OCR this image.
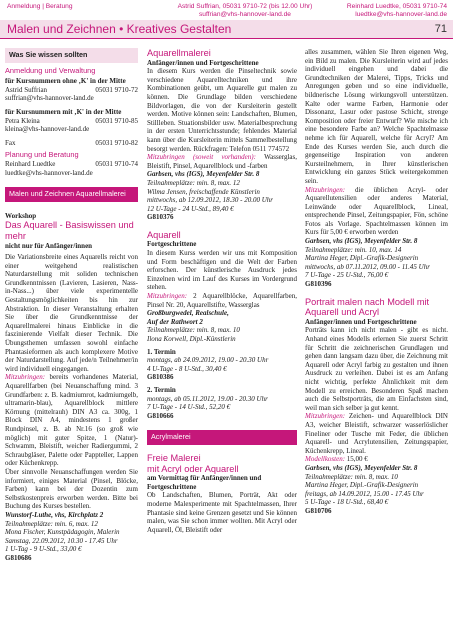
Anmeldung | Beratung	Astrid Suffrian, 05031 9710-72 (bis 12.00 Uhr)
suffrian@vhs-hannover-land.de
Reinhard Luedtke, 05031 9710-74
luedtke@vhs-hannover-land.de
Malen und Zeichnen • Kreatives Gestalten	71
Was Sie wissen sollten
Anmeldung und Verwaltung
für Kursnummern ohne ‚K' in der Mitte
Astrid Suffrian	05031 9710-72
suffrian@vhs-hannover-land.de
für Kursnummern mit ‚K' in der Mitte
Petra Kleina	05031 9710-85
kleina@vhs-hannover-land.de
Fax	05031 9710-82
Planung und Beratung
Reinhard Luedtke	05031 9710-74
luedtke@vhs-hannover-land.de
Malen und Zeichnen Aquarellmalerei
Workshop
Das Aquarell - Basiswissen und mehr
nicht nur für Anfänger/innen

Die Variationsbreite eines Aquarells reicht von einer weitgehend realistischen Naturdarstellung mit soliden technischen Grundkenntnissen (Lavieren, Lasieren, Nass-in-Nass...) über viele experimentelle Gestaltungsmöglichkeiten bis hin zur Abstraktion. In dieser Veranstaltung erhalten Sie über die Grundkenntnisse der Aquarellmalerei hinaus Einblicke in die faszinierende Vielfalt dieser Technik. Die Übungsthemen umfassen sowohl einfache Phantasieformen als auch komplexere Motive der Naturdarstellung. Auf jede/n Teilnehmer/in wird individuell eingegangen.

Mitzubringen: bereits vorhandenes Material, Aquarellfarben (bei Neuanschaffung mind. 3 Grundfarben: z. B. kadmiumrot, kadmiumgelb, ultramarin-blau), Aquarellblock mittlere Körnung (mittelrauh) DIN A3 ca. 300g, 1 Block DIN A4, mindestens 1 großer Rundpinsel, z. B. ab Nr.16 (so groß wie möglich) mit guter Spitze, 1 (Natur)-Schwamm, Bleistift, weicher Radiergummi, 2 Schraubgläser, Palette oder Pappteller, Lappen oder Küchenkrepp.

Über sinnvolle Neuanschaffungen werden Sie informiert, einiges Material (Pinsel, Blöcke, Farben) kann bei der Dozentin zum Selbstkostenpreis erworben werden. Bitte bei Buchung des Kurses bestellen.

Wunstorf-Luthe, vhs, Kirchplatz 2
Teilnahmeplätze: min. 6, max. 12
Mona Fischer, Kunstpädagogin, Malerin
Samstag, 22.09.2012, 10.30 - 17.45 Uhr
1 U-Tag - 9 U-Std., 33,00 €
G810686
Aquarellmalerei
Anfänger/innen und Fortgeschrittene

In diesem Kurs werden die Pinseltechnik sowie verschiedene Aquarelltechniken und ihre Kombinationen geübt, um Aquarelle gut malen zu können. Die Grundlage bilden verschiedene Bildvorlagen, die von der Kursleiterin gestellt werden. Motive können sein: Landschaften, Blumen, Stillleben. Stuationsbilder usw. Materialbesprechung in der ersten Unterrichtsstunde; fehlendes Material kann über die Kursleiterin mittels Sammelbestellung besorgt werden. Rückfragen: Telefon 0511 774572

Mitzubringen (soweit vorhanden): Wasserglas, Bleistift, Pinsel, Aquarellblock und -farben

Garbsen, vhs (IGS), Meyenfelder Str. 8
Teilnahmeplätze: min. 8, max. 12
Wilma Jensen, freischaffende Künstlerin
mittwochs, ab 12.09.2012, 18.30 - 20.00 Uhr
12 U-Tage - 24 U-Std., 89,40 €
G810376
Aquarell
Fortgeschrittene

In diesem Kurss werden wir uns mit Komposition und Form beschäftigen und die Welt der Farben erforschen. Der künstlerische Ausdruck jedes Einzelnen wird im Lauf des Kurses im Vordergrund stehen.

Mitzubringen: 2 Aquarellblöcke, Aquarellfarben, Pinsel Nr. 20, Aquarellstifte, Wasserglas

Großburgwedel, Realschule,
Auf der Rathwort 2
Teilnahmeplätze: min. 8, max. 10
Ilona Korwell, Dipl.-Künstlerin
1. Termin
montags, ab 24.09.2012, 19.00 - 20.30 Uhr
4 U-Tage - 8 U-Std., 30,40 €
G810386
2. Termin
montags, ab 05.11.2012, 19.00 - 20.30 Uhr
7 U-Tage - 14 U-Std., 52,20 €
G810666
Acrylmalerei
Freie Malerei
mit Acryl oder Aquarell
am Vormittag für Anfänger/innen und Fortgeschrittene

Ob Landschaften, Blumen, Porträt, Akt oder moderne Malexperimente mit Spachtelmassen, Ihrer Phantasie sind keine Grenzen gesetzt und Sie können malen, was Sie schon immer wollten. Mit Acryl oder Aquarell, Öl, Bleistift oder

alles zusammen, wählen Sie Ihren eigenen Weg, ein Bild zu malen. Die Kursleiterin wird auf jedes individuell eingehen und dabei die Grundtechniken der Malerei, Tipps, Tricks und Anregungen geben und so eine individuelle, bildnerische Lösung wirkungsvoll unterstützen. Kalte oder warme Farben, Harmonie oder Dissonanz, Lasur oder pastose Schicht, strenge Komposition oder freier Entwurf? Wie mische ich eine besondere Farbe an? Welche Spachtelmasse nehme ich für Aquarell, welche für Acryl? Am Ende des Kurses werden Sie, auch durch die gegenseitige Inspiration von anderen Kursteilnehmern, in Ihrer künstlerischen Entwicklung ein ganzes Stück weitergekommen sein.

Mitzubringen: die üblichen Acryl- oder Aquarellutensilien oder anderes Material, Leinwände oder Aquarellblock, Lineal, entsprechende Pinsel, Zeitungspapier, Fön, schöne Fotos als Vorlage. Spachtelmassen können im Kurs für 5,00 € erworben werden

Garbsen, vhs (IGS), Meyenfelder Str. 8
Teilnahmeplätze: min. 10, max. 14
Martina Heger, Dipl.-Grafik-Designerin
mittwochs, ab 07.11.2012, 09.00 - 11.45 Uhr
7 U-Tage - 25 U-Std., 76,00 €
G810396
Portrait malen nach Modell mit Aquarell und Acryl
Anfänger/innen und Fortgeschrittene

Porträts kann ich nicht malen - gibt es nicht. Anhand eines Modells erlernen Sie zuerst Schritt für Schritt die zeichnerischen Grundlagen und gehen dann langsam dazu über, die Zeichnung mit Aquarell oder Acryl farbig zu gestalten und ihnen Ausdruck zu verleihen. Dabei ist es am Anfang nicht wichtig, perfekte Ähnlichkeit mit dem Modell zu erreichen. Besonderen Spaß machen auch die Selbstporträts, die am Einfachsten sind, weil man sich selber ja gut kennt.

Mitzubringen: Zeichen- und Aquarellblock DIN A3, weicher Bleistift, schwarzer wasserlöslicher Fineliner oder Tusche mit Feder, die üblichen Aquarell- und Acrylutensilien, Zeitungspapier, Küchenkrepp, Lineal.

Modellkosten: 15,00 €

Garbsen, vhs (IGS), Meyenfelder Str. 8
Teilnahmeplätze: min. 8, max. 10
Martina Heger, Dipl.-Grafik-Designerin
freitags, ab 14.09.2012, 15.00 - 17.45 Uhr
5 U-Tage - 18 U-Std., 68,40 €
G810706
